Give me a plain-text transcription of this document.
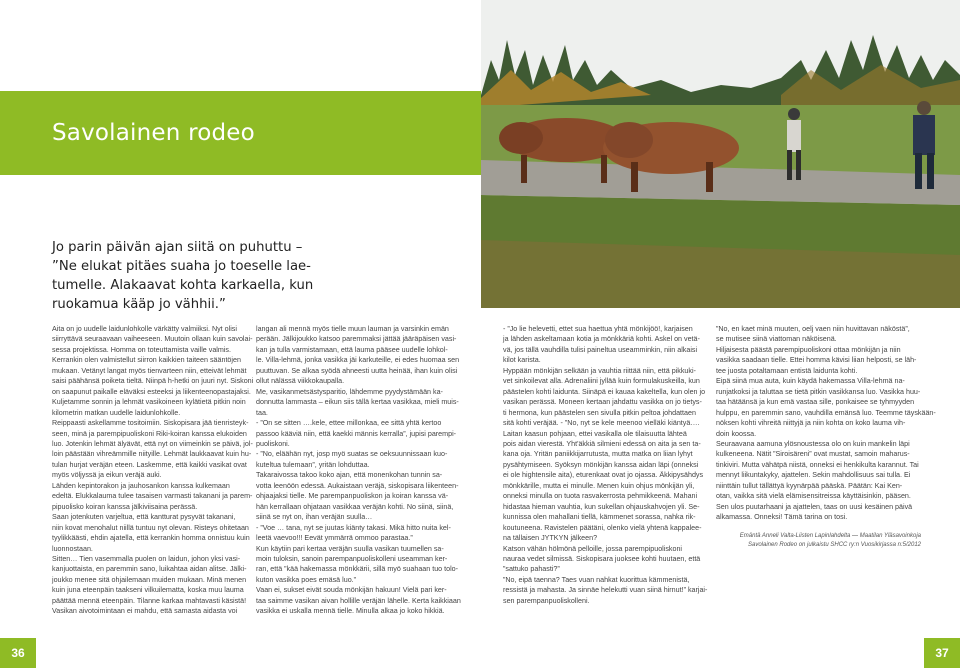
Savolainen rodeo
Jo parin päivän ajan siitä on puhuttu –
”Ne elukat pitäes suaha jo toeselle lae-
tumelle. Alakaavat kohta karkaella, kun
ruokamua kääp jo vähhii.”

Aita on jo uudelle laidunlohkolle värkätty valmiiksi. Nyt olisi

siirryttävä seuraavaan vaiheeseen. Muutoin ollaan kuin savolai-

sessa projektissa. Homma on toteuttamista vaille valmis.

Kerrankin olen valmistellut siirron kaikkien taiteen sääntöjen

mukaan. Vetänyt langat myös tienvarteen niin, etteivät lehmät

saisi päähänsä poiketa tieltä. Niinpä h-hetki on juuri nyt. Siskoni

on saapunut paikalle eläväksi esteeksi ja liikenteenopastajaksi.

Kuljetamme sonnin ja lehmät vasikoineen kylätietä pitkin noin

kilometrin matkan uudelle laidunlohkolle.

Reippaasti askellamme tositoimiin. Siskopisara jää tienristeyk-

seen, minä ja parempipuoliskoni Riki-koiran kanssa elukoiden

luo. Jotenkin lehmät älyävät, että nyt on viimeinkin se päivä, jol-

loin päästään vihreämmille niityille. Lehmät laukkaavat kuin hu-

tulan hurjat veräjän eteen. Laskemme, että kaikki vasikat ovat

myös völjyssä ja eikun veräjä auki.

Lähden kepintorakon ja jauhosankon kanssa kulkemaan

edeltä. Elukkalauma tulee tasaisen varmasti takanani ja parem-

pipuolisko koiran kanssa jälkiviisaina perässä.

Saan jotenkuten varjeltua, että kantturat pysyvät takanani,

niin kovat menohalut niillä tuntuu nyt olevan. Risteys ohitetaan

tyylikkäästi, ehdin ajatella, että kerrankin homma onnistuu kuin

luonnostaan.

Sitten… Tien vasemmalla puolen on laidun, johon yksi vasi-

kanjuottaista, en paremmin sano, luikahtaa aidan alitse. Jälki-

joukko menee sitä ohjailemaan muiden mukaan. Minä menen

kuin juna eteenpäin taakseni vilkuilematta, koska muu lauma

päättää mennä eteenpäin. Tilanne karkaa mahtavasti käsistä!

Vasikan aivotoimintaan ei mahdu, että samasta aidasta voi

langan ali mennä myös tielle muun lauman ja varsinkin emän

perään. Jälkijoukko katsoo paremmaksi jättää jääräpäisen vasi-

kan ja tulla varmistamaan, että lauma pääsee uudelle lohkol-

le. Villa-lehmä, jonka vasikka jäi karkuteille, ei edes huomaa sen

puuttuvan. Se alkaa syödä ahneesti uutta heinää, ihan kuin olisi

ollut nälässä viikkokaupalla.

Me, vasikanmetsästysparitio, lähdemme pyydystämään ka-

donnutta lammasta – eikun siis tällä kertaa vasikkaa, mieli muis-

taa.

- ”On se sitten ….kele, ettee millonkaa, ee sittä yhtä kertoo

passoo kääviä niin, että kaekki männis kerralla”, jupisi parempi-

puoliskoni.

- ”No, eläähän nyt, josp myö suatas se oeksuunnissaan kuo-

kuteltua tulemaan”, yritän lohduttaa.

Takaraivossa takoo koko ajan, että monenkohan tunnin sa-

votta leenöön edessä. Aukaistaan veräjä, siskopisara liikenteen-

ohjaajaksi tielle. Me parempanpuoliskon ja koiran kanssa vä-

hän kerrallaan ohjataan vasikkaa veräjän kohti. No siinä, siinä,

siinä se nyt on, ihan veräjän suulla…

- ”Voe … tana, nyt se juutas kiänty takasi. Mikä hitto nuita kel-

leetä vaevoo!!! Eevät ymmärrä ommoo parastaa.”

Kun käytiin pari kertaa veräjän suulla vasikan tuumellen sa-

moin tuloksin, sanoin parempanpuoliskolleni useamman ker-

ran, että ”kää hakemassa mönkkärii, sillä myö suahaan tuo tolo-

kuton vasikka poes emäsä luo.”

Vaan ei, sukset eivät souda mönkijän hakuun! Vielä pari ker-

taa saimme vasikan aivan hollille veräjän lähelle. Kerta kaikkiaan

vasikka ei uskalla mennä tielle. Minulla alkaa jo koko hikkiä.

- ”Jo lie helevetti, ettet sua haettua yhtä mönkijöö!, karjaisen

ja lähden askeltamaan kotia ja mönkkäriä kohti. Askel on vetä-

vä, jos tällä vauhdilla tulisi paineltua useamminkin, niin alkaisi

kilot karista.

Hyppään mönkijän selkään ja vauhtia riittää niin, että pikkuki-

vet sinkoilevat alla. Adrenaliini jyllää kuin formulakuskeilla, kun

päästelen kohti laidunta. Siinäpä ei kauaa kakeltella, kun olen jo

vasikan perässä. Moneen kertaan jahdattu vasikka on jo tietys-

ti hermona, kun päästelen sen sivulla pitkin peltoa johdattaen

sitä kohti veräjää. - ”No, nyt se kele meenoo vielläki kiäntyä….

Laitan kaasun pohjaan, ettei vasikalla ole tilaisuutta lähteä

pois aidan vierestä. Yht'äkkiä silmieni edessä on aita ja sen ta-

kana oja. Yritän paniikkijarrutusta, mutta matka on liian lyhyt

pysähtymiseen. Syöksyn mönkijän kanssa aidan läpi (onneksi

ei ole hightensile aita), eturenkaat ovat jo ojassa. Äkkipysähdys

mönkkärille, mutta ei minulle. Menen kuin ohjus mönkijän yli,

onneksi minulla on tuota rasvakerrosta pehmikkeenä. Mahani

hidastaa hieman vauhtia, kun sukellan ohjauskahvojen yli. Se-

kunnissa olen mahallani tiellä, kämmenet sorassa, nahka rik-

koutuneena. Ravistelen päätäni, olenko vielä yhtenä kappalee-

na tällaisen JYTKYN jälkeen?

Katson vähän hölmönä pelloille, jossa parempipuoliskoni

nauraa vedet silmissä. Siskopisara juoksee kohti huutaen, että

”sattuko pahasti?”

”No, eipä taenna? Taes vuan nahkat kuorittua kämmenistä,

ressistä ja mahasta. Ja sinnäe helekutti vuan siinä hirnut!” karjai-

sen parempanpuoliskolleni.

”No, en kaet minä muuten, oelj vaen niin huvittavan näköstä”,

se mutisee siinä viattoman näköisenä.

Hiljaisesta päästä parempipuoliskoni ottaa mönkijän ja niin

vasikka saadaan tielle. Ettei homma kävisi liian helposti, se läh-

tee juosta potaltamaan entistä laidunta kohti.

Eipä siinä mua auta, kuin käydä hakemassa Villa-lehmä na-

runjatkoksi ja taluttaa se tietä pitkin vasikkansa luo. Vasikka huu-

taa hätäänsä ja kun emä vastaa sille, ponkaisee se tyhmyyden

hulppu, en paremmin sano, vauhdilla emänsä luo. Teemme täyskään-

nöksen kohti vihreitä niittyjä ja niin kohta on koko lauma vih-

doin koossa.

Seuraavana aamuna ylösnoustessa olo on kuin mankelin läpi

kulkeneena. Nätit ”Siroisäreni” ovat mustat, samoin maharus-

tinkiviri. Mutta vähätpä niistä, onneksi ei henkikulta karannut. Tai

mennyt liikuntakyky, ajattelen. Sekin mahdollisuus sai tulla. Ei

niinttäin tullut tällättyä kyynärpää pääskä. Päätän: Kai Ken-

otan, vaikka sitä vielä elämisensitreissa käyttäisinkin, pääsen.

Sen ulos puutarhaani ja ajattelen, taas on uusi kesäinen päivä

alkamassa. Onneksi! Tämä tarina on tosi.

Emäntä Anneli Valta-Liisten Lapinlahdelta — Maatilan Yläsavoinkoja

Savolainen Rodeo on julkaistu SHCC ry:n Vuosikirjassa n:5/2012

36	37
